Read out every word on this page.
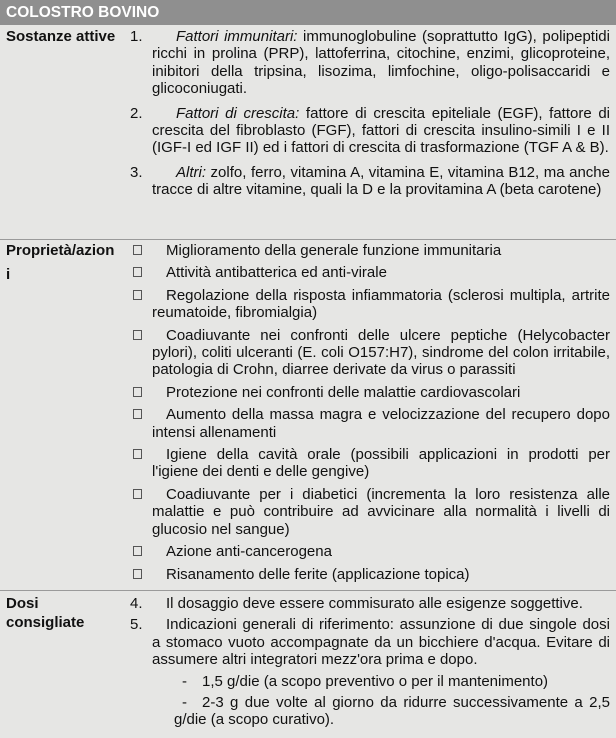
COLOSTRO BOVINO
Sostanze attive 1.	Fattori immunitari: immunoglobuline (soprattutto IgG), polipeptidi ricchi in prolina (PRP), lattoferrina, citochine, enzimi, glicoproteine, inibitori della tripsina, lisozima, limfochine, oligo-polisaccaridi e glicoconiugati.
2.	Fattori di crescita: fattore di crescita epiteliale (EGF), fattore di crescita del fibroblasto (FGF), fattori di crescita insulino-simili I e II (IGF-I ed IGF II) ed i fattori di crescita di trasformazione (TGF A & B).
3.	Altri: zolfo, ferro, vitamina A, vitamina E, vitamina B12, ma anche tracce di altre vitamine, quali la D e la provitamina A (beta carotene)
Proprietà/azion
i
Miglioramento della generale funzione immunitaria
Attività antibatterica ed anti-virale
Regolazione della risposta infiammatoria (sclerosi multipla, artrite reumatoide, fibromialgia)
Coadiuvante nei confronti delle ulcere peptiche (Helycobacter pylori), coliti ulceranti (E. coli O157:H7), sindrome del colon irritabile, patologia di Crohn, diarree derivate da virus o parassiti
Protezione nei confronti delle malattie cardiovascolari
Aumento della massa magra e velocizzazione del recupero dopo intensi allenamenti
Igiene della cavità orale (possibili applicazioni in prodotti per l'igiene dei denti e delle gengive)
Coadiuvante per i diabetici (incrementa la loro resistenza alle malattie e può contribuire ad avvicinare alla normalità i livelli di glucosio nel sangue)
Azione anti-cancerogena
Risanamento delle ferite (applicazione topica)
Dosi
consigliate
4.	Il dosaggio deve essere commisurato alle esigenze soggettive.
5.	Indicazioni generali di riferimento: assunzione di due singole dosi a stomaco vuoto accompagnate da un bicchiere d'acqua. Evitare di assumere altri integratori mezz'ora prima e dopo.
- 1,5 g/die (a scopo preventivo o per il mantenimento)
-	2-3 g due volte al giorno da ridurre successivamente a 2,5 g/die (a scopo curativo).
